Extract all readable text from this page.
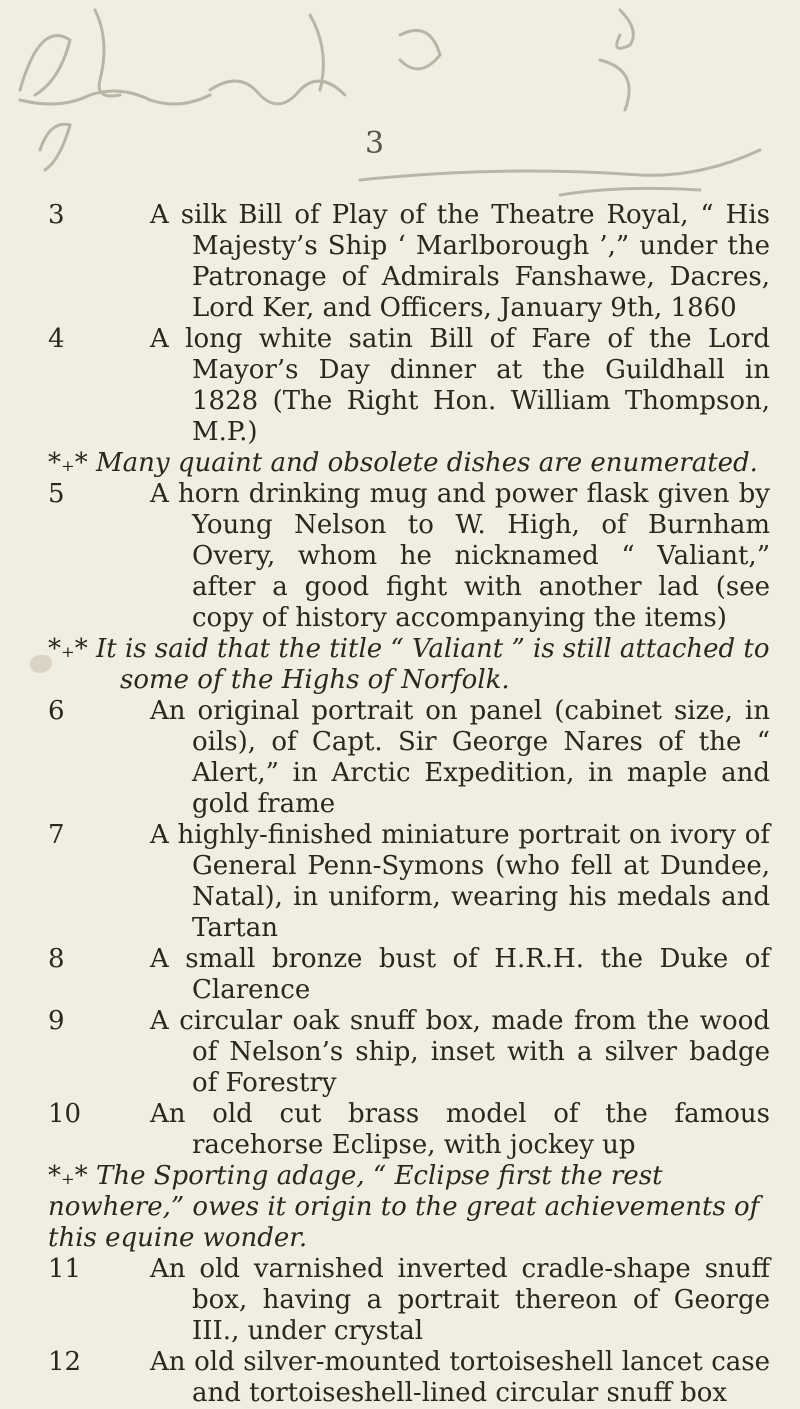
3
3	A silk Bill of Play of the Theatre Royal, “ His Majesty’s Ship ‘ Marlborough ’,” under the Patronage of Admirals Fanshawe, Dacres, Lord Ker, and Officers, January 9th, 1860
4	A long white satin Bill of Fare of the Lord Mayor’s Day dinner at the Guildhall in 1828 (The Right Hon. William Thompson, M.P.)
*₊* Many quaint and obsolete dishes are enumerated.
5	A horn drinking mug and power flask given by Young Nelson to W. High, of Burnham Overy, whom he nicknamed “ Valiant,” after a good fight with another lad (see copy of history accompanying the items)
*₊* It is said that the title “ Valiant ” is still attached to some of the Highs of Norfolk.
6	An original portrait on panel (cabinet size, in oils), of Capt. Sir George Nares of the “ Alert,” in Arctic Expedition, in maple and gold frame
7	A highly-finished miniature portrait on ivory of General Penn-Symons (who fell at Dundee, Natal), in uniform, wearing his medals and Tartan
8	A small bronze bust of H.R.H. the Duke of Clarence
9	A circular oak snuff box, made from the wood of Nelson’s ship, inset with a silver badge of Forestry
10	An old cut brass model of the famous racehorse Eclipse, with jockey up
*₊* The Sporting adage, “ Eclipse first the rest nowhere,” owes it origin to the great achievements of this equine wonder.
11	An old varnished inverted cradle-shape snuff box, having a portrait thereon of George III., under crystal
12	An old silver-mounted tortoiseshell lancet case and tortoiseshell-lined circular snuff box
